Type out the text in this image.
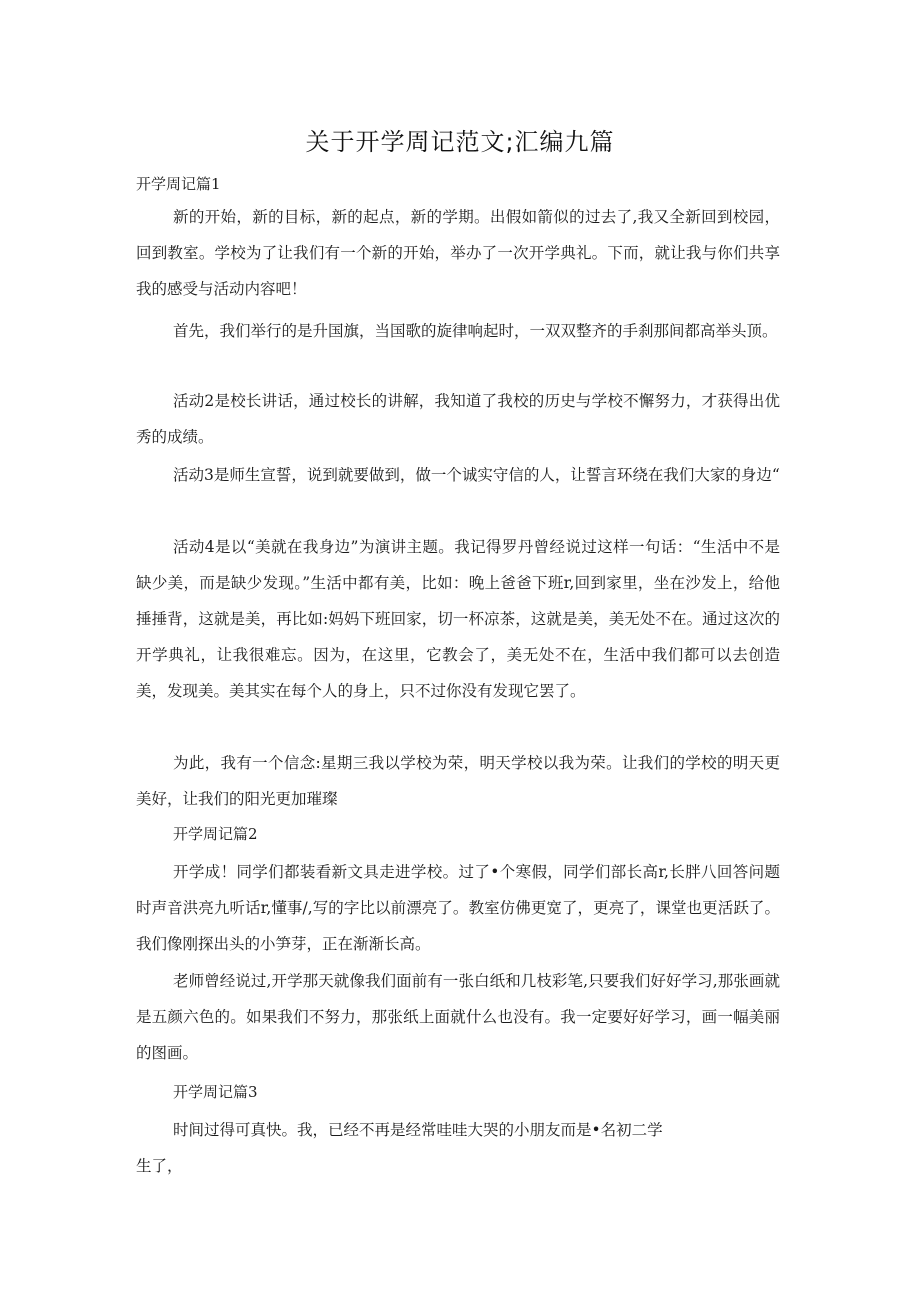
关于开学周记范文;汇编九篇
开学周记篇1

新的开始，新的目标，新的起点，新的学期。出假如箭似的过去了,我又全新回到校园，回到教室。学校为了让我们有一个新的开始，举办了一次开学典礼。下而，就让我与你们共享我的感受与活动内容吧！

首先，我们举行的是升国旗，当国歌的旋律响起时，一双双整齐的手刹那间都高举头顶。

活动2是校长讲话，通过校长的讲解，我知道了我校的历史与学校不懈努力，才获得出优秀的成绩。

活动3是师生宣誓，说到就要做到，做一个诚实守信的人，让誓言环绕在我们大家的身边“

活动4是以“美就在我身边”为演讲主题。我记得罗丹曾经说过这样一句话：“生活中不是缺少美，而是缺少发现。”生活中都有美，比如：晚上爸爸下班r,回到家里，坐在沙发上，给他捶捶背，这就是美，再比如:妈妈下班回家，切一杯凉茶，这就是美，美无处不在。通过这次的开学典礼，让我很难忘。因为，在这里，它教会了，美无处不在，生活中我们都可以去创造美，发现美。美其实在每个人的身上，只不过你没有发现它罢了。

为此，我有一个信念:星期三我以学校为荣，明天学校以我为荣。让我们的学校的明天更美好，让我们的阳光更加璀璨

开学周记篇2

开学成！同学们都装看新文具走进学校。过了•个寒假，同学们部长高r,长胖八回答问题时声音洪亮九听话r,懂事/,写的字比以前漂亮了。教室仿佛更宽了，更亮了，课堂也更活跃了。我们像刚探出头的小笋芽，正在渐渐长高。

老师曾经说过,开学那天就像我们面前有一张白纸和几枝彩笔,只要我们好好学习,那张画就是五颜六色的。如果我们不努力，那张纸上面就什么也没有。我一定要好好学习，画一幅美丽的图画。

开学周记篇3

时间过得可真快。我，已经不再是经常哇哇大哭的小朋友而是•名初二学

生了，
